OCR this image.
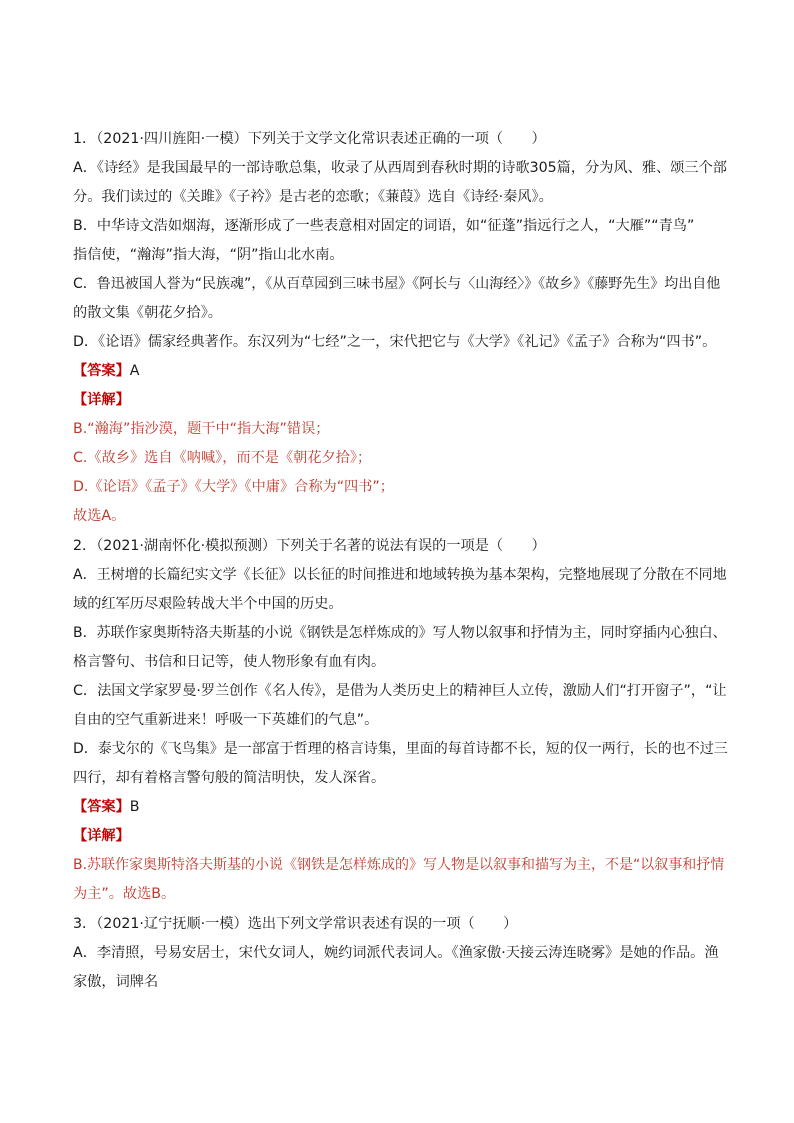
1．（2021·四川旌阳·一模）下列关于文学文化常识表述正确的一项（　　）
A．《诗经》是我国最早的一部诗歌总集，收录了从西周到春秋时期的诗歌305篇，分为风、雅、颂三个部
分。我们读过的《关雎》《子衿》是古老的恋歌；《蒹葭》选自《诗经·秦风》。
B．中华诗文浩如烟海，逐渐形成了一些表意相对固定的词语，如“征蓬”指远行之人，“大雁”“青鸟”
指信使，“瀚海”指大海，“阴”指山北水南。
C．鲁迅被国人誉为“民族魂”，《从百草园到三味书屋》《阿长与〈山海经〉》《故乡》《藤野先生》均出自他
的散文集《朝花夕拾》。
D．《论语》儒家经典著作。东汉列为“七经”之一，宋代把它与《大学》《礼记》《孟子》合称为“四书”。
【答案】A
【详解】
B.“瀚海”指沙漠，题干中“指大海”错误；
C.《故乡》选自《呐喊》，而不是《朝花夕拾》；
D.《论语》《孟子》《大学》《中庸》合称为“四书”；
故选A。
2．（2021·湖南怀化·模拟预测）下列关于名著的说法有误的一项是（　　）
A．王树增的长篇纪实文学《长征》以长征的时间推进和地域转换为基本架构，完整地展现了分散在不同地
域的红军历尽艰险转战大半个中国的历史。
B．苏联作家奥斯特洛夫斯基的小说《钢铁是怎样炼成的》写人物以叙事和抒情为主，同时穿插内心独白、
格言警句、书信和日记等，使人物形象有血有肉。
C．法国文学家罗曼·罗兰创作《名人传》，是借为人类历史上的精神巨人立传，激励人们“打开窗子”，“让
自由的空气重新进来！呼吸一下英雄们的气息”。
D．泰戈尔的《飞鸟集》是一部富于哲理的格言诗集，里面的每首诗都不长，短的仅一两行，长的也不过三
四行，却有着格言警句般的简洁明快，发人深省。
【答案】B
【详解】
B.苏联作家奥斯特洛夫斯基的小说《钢铁是怎样炼成的》写人物是以叙事和描写为主，不是“以叙事和抒情
为主”。故选B。
3．（2021·辽宁抚顺·一模）选出下列文学常识表述有误的一项（　　）
A．李清照，号易安居士，宋代女词人，婉约词派代表词人。《渔家傲·天接云涛连晓雾》是她的作品。渔
家傲，词牌名
